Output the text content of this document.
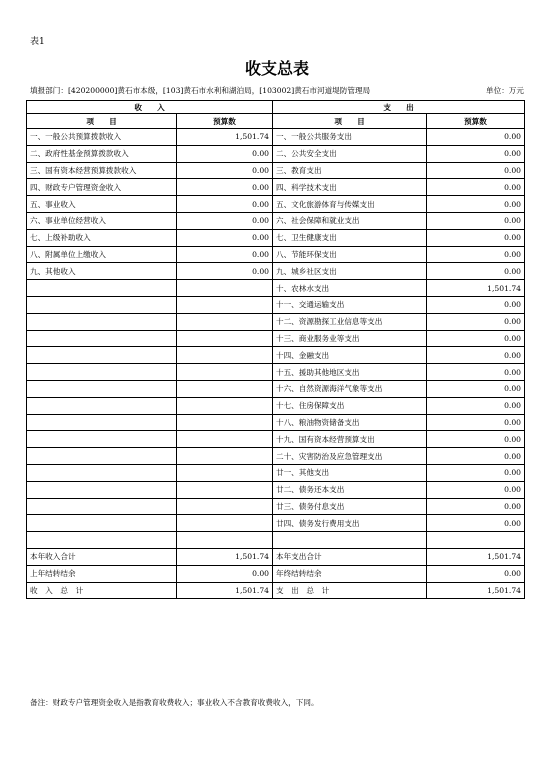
表1
收支总表
填报部门：[420200000]黄石市本级，[103]黄石市水利和湖泊局，[103002]黄石市河道堤防管理局	单位：万元
收　　入		支　　出	
项　　目	预算数	项　　目	预算数
一、一般公共预算拨款收入	1,501.74	一、一般公共服务支出	0.00
二、政府性基金预算拨款收入	0.00	二、公共安全支出	0.00
三、国有资本经营预算拨款收入	0.00	三、教育支出	0.00
四、财政专户管理资金收入	0.00	四、科学技术支出	0.00
五、事业收入	0.00	五、文化旅游体育与传媒支出	0.00
六、事业单位经营收入	0.00	六、社会保障和就业支出	0.00
七、上级补助收入	0.00	七、卫生健康支出	0.00
八、附属单位上缴收入	0.00	八、节能环保支出	0.00
九、其他收入	0.00	九、城乡社区支出	0.00
		十、农林水支出	1,501.74
		十一、交通运输支出	0.00
		十二、资源勘探工业信息等支出	0.00
		十三、商业服务业等支出	0.00
		十四、金融支出	0.00
		十五、援助其他地区支出	0.00
		十六、自然资源海洋气象等支出	0.00
		十七、住房保障支出	0.00
		十八、粮油物资储备支出	0.00
		十九、国有资本经营预算支出	0.00
		二十、灾害防治及应急管理支出	0.00
		廿一、其他支出	0.00
		廿二、债务还本支出	0.00
		廿三、债务付息支出	0.00
		廿四、债务发行费用支出	0.00

本年收入合计	1,501.74	本年支出合计	1,501.74
上年结转结余	0.00	年终结转结余	0.00
收　入　总　计	1,501.74	支　出　总　计	1,501.74
备注：财政专户管理资金收入是指教育收费收入；事业收入不含教育收费收入，下同。
